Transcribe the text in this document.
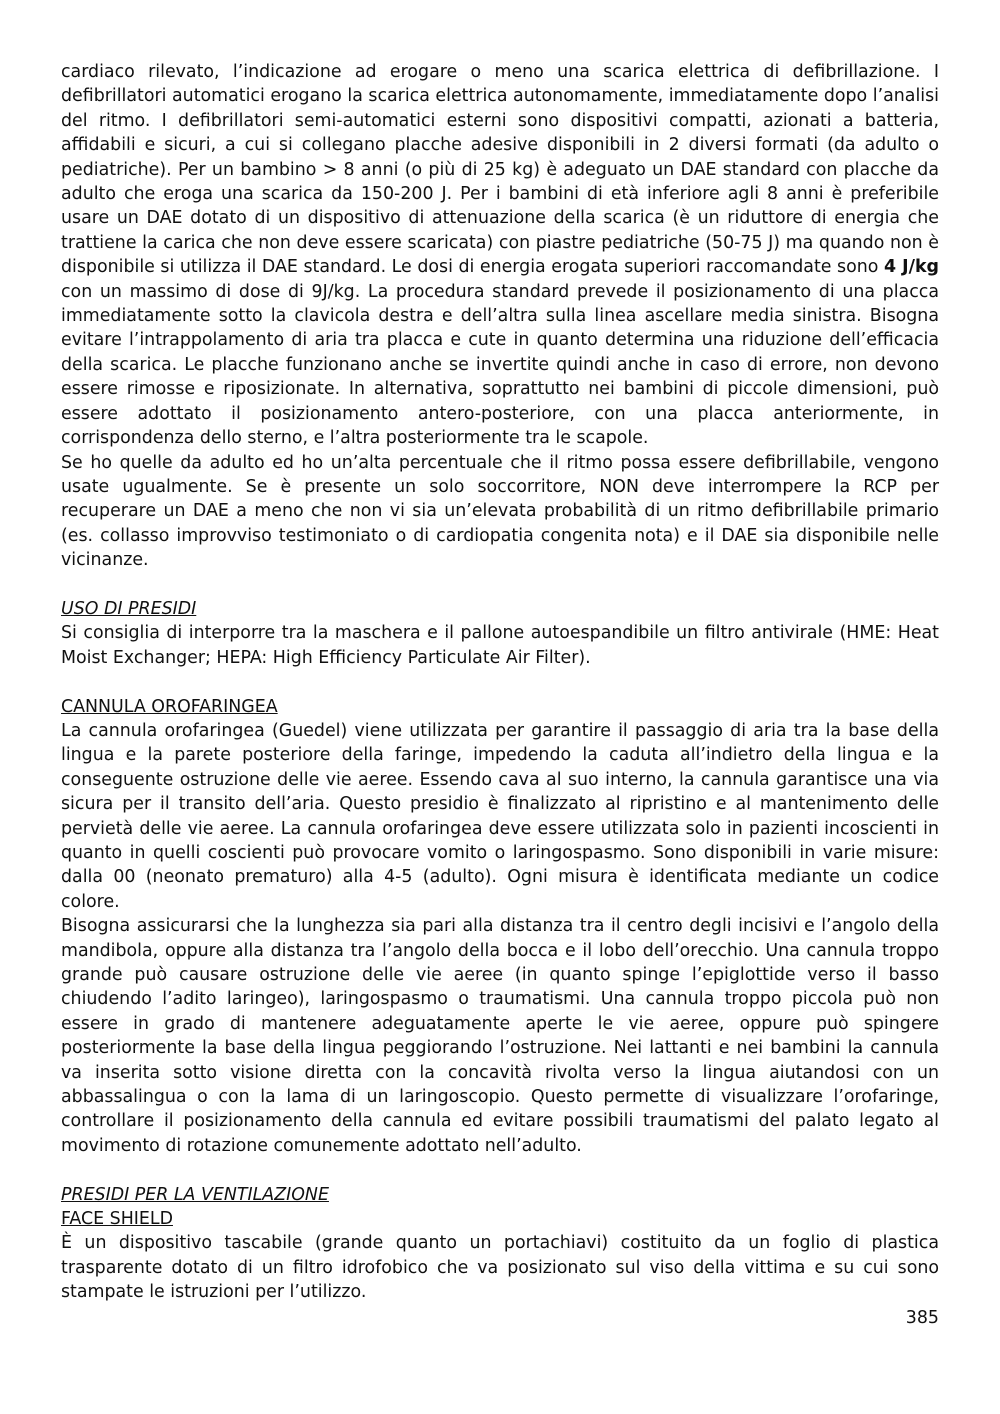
cardiaco rilevato, l’indicazione ad erogare o meno una scarica elettrica di defibrillazione. I defibrillatori automatici erogano la scarica elettrica autonomamente, immediatamente dopo l’analisi del ritmo. I defibrillatori semi-automatici esterni sono dispositivi compatti, azionati a batteria, affidabili e sicuri, a cui si collegano placche adesive disponibili in 2 diversi formati (da adulto o pediatriche). Per un bambino > 8 anni (o più di 25 kg) è adeguato un DAE standard con placche da adulto che eroga una scarica da 150-200 J. Per i bambini di età inferiore agli 8 anni è preferibile usare un DAE dotato di un dispositivo di attenuazione della scarica (è un riduttore di energia che trattiene la carica che non deve essere scaricata) con piastre pediatriche (50-75 J) ma quando non è disponibile si utilizza il DAE standard. Le dosi di energia erogata superiori raccomandate sono 4 J/kg con un massimo di dose di 9J/kg. La procedura standard prevede il posizionamento di una placca immediatamente sotto la clavicola destra e dell’altra sulla linea ascellare media sinistra. Bisogna evitare l’intrappolamento di aria tra placca e cute in quanto determina una riduzione dell’efficacia della scarica. Le placche funzionano anche se invertite quindi anche in caso di errore, non devono essere rimosse e riposizionate. In alternativa, soprattutto nei bambini di piccole dimensioni, può essere adottato il posizionamento antero-posteriore, con una placca anteriormente, in corrispondenza dello sterno, e l’altra posteriormente tra le scapole.

Se ho quelle da adulto ed ho un’alta percentuale che il ritmo possa essere defibrillabile, vengono usate ugualmente. Se è presente un solo soccorritore, NON deve interrompere la RCP per recuperare un DAE a meno che non vi sia un’elevata probabilità di un ritmo defibrillabile primario (es. collasso improvviso testimoniato o di cardiopatia congenita nota) e il DAE sia disponibile nelle vicinanze.

USO DI PRESIDI

Si consiglia di interporre tra la maschera e il pallone autoespandibile un filtro antivirale (HME: Heat Moist Exchanger; HEPA: High Efficiency Particulate Air Filter).

CANNULA OROFARINGEA

La cannula orofaringea (Guedel) viene utilizzata per garantire il passaggio di aria tra la base della lingua e la parete posteriore della faringe, impedendo la caduta all’indietro della lingua e la conseguente ostruzione delle vie aeree. Essendo cava al suo interno, la cannula garantisce una via sicura per il transito dell’aria. Questo presidio è finalizzato al ripristino e al mantenimento delle pervietà delle vie aeree. La cannula orofaringea deve essere utilizzata solo in pazienti incoscienti in quanto in quelli coscienti può provocare vomito o laringospasmo. Sono disponibili in varie misure: dalla 00 (neonato prematuro) alla 4-5 (adulto). Ogni misura è identificata mediante un codice colore.

Bisogna assicurarsi che la lunghezza sia pari alla distanza tra il centro degli incisivi e l’angolo della mandibola, oppure alla distanza tra l’angolo della bocca e il lobo dell’orecchio. Una cannula troppo grande può causare ostruzione delle vie aeree (in quanto spinge l’epiglottide verso il basso chiudendo l’adito laringeo), laringospasmo o traumatismi. Una cannula troppo piccola può non essere in grado di mantenere adeguatamente aperte le vie aeree, oppure può spingere posteriormente la base della lingua peggiorando l’ostruzione. Nei lattanti e nei bambini la cannula va inserita sotto visione diretta con la concavità rivolta verso la lingua aiutandosi con un abbassalingua o con la lama di un laringoscopio. Questo permette di visualizzare l’orofaringe, controllare il posizionamento della cannula ed evitare possibili traumatismi del palato legato al movimento di rotazione comunemente adottato nell’adulto.

PRESIDI PER LA VENTILAZIONE

FACE SHIELD

È un dispositivo tascabile (grande quanto un portachiavi) costituito da un foglio di plastica trasparente dotato di un filtro idrofobico che va posizionato sul viso della vittima e su cui sono stampate le istruzioni per l’utilizzo.

385
